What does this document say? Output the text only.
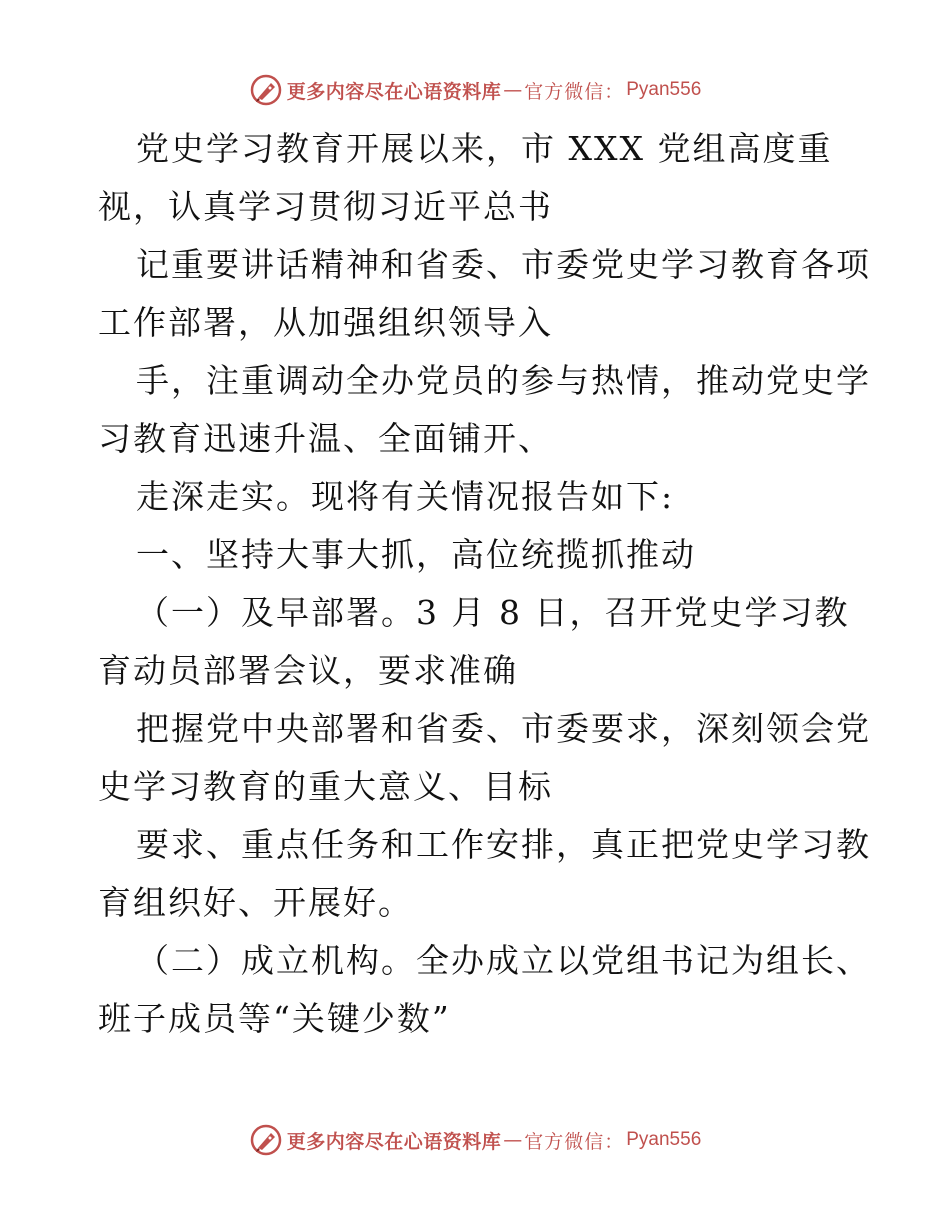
更多内容尽在心语资料库 — 官方微信： Pyan556
党史学习教育开展以来，市 XXX 党组高度重
视，认真学习贯彻习近平总书
记重要讲话精神和省委、市委党史学习教育各项
工作部署，从加强组织领导入
手，注重调动全办党员的参与热情，推动党史学
习教育迅速升温、全面铺开、
走深走实。现将有关情况报告如下:
一、坚持大事大抓，高位统揽抓推动
（一）及早部署。3 月 8 日，召开党史学习教
育动员部署会议，要求准确
把握党中央部署和省委、市委要求，深刻领会党
史学习教育的重大意义、目标
要求、重点任务和工作安排，真正把党史学习教
育组织好、开展好。
（二）成立机构。全办成立以党组书记为组长、
班子成员等“关键少数”
更多内容尽在心语资料库 — 官方微信： Pyan556
